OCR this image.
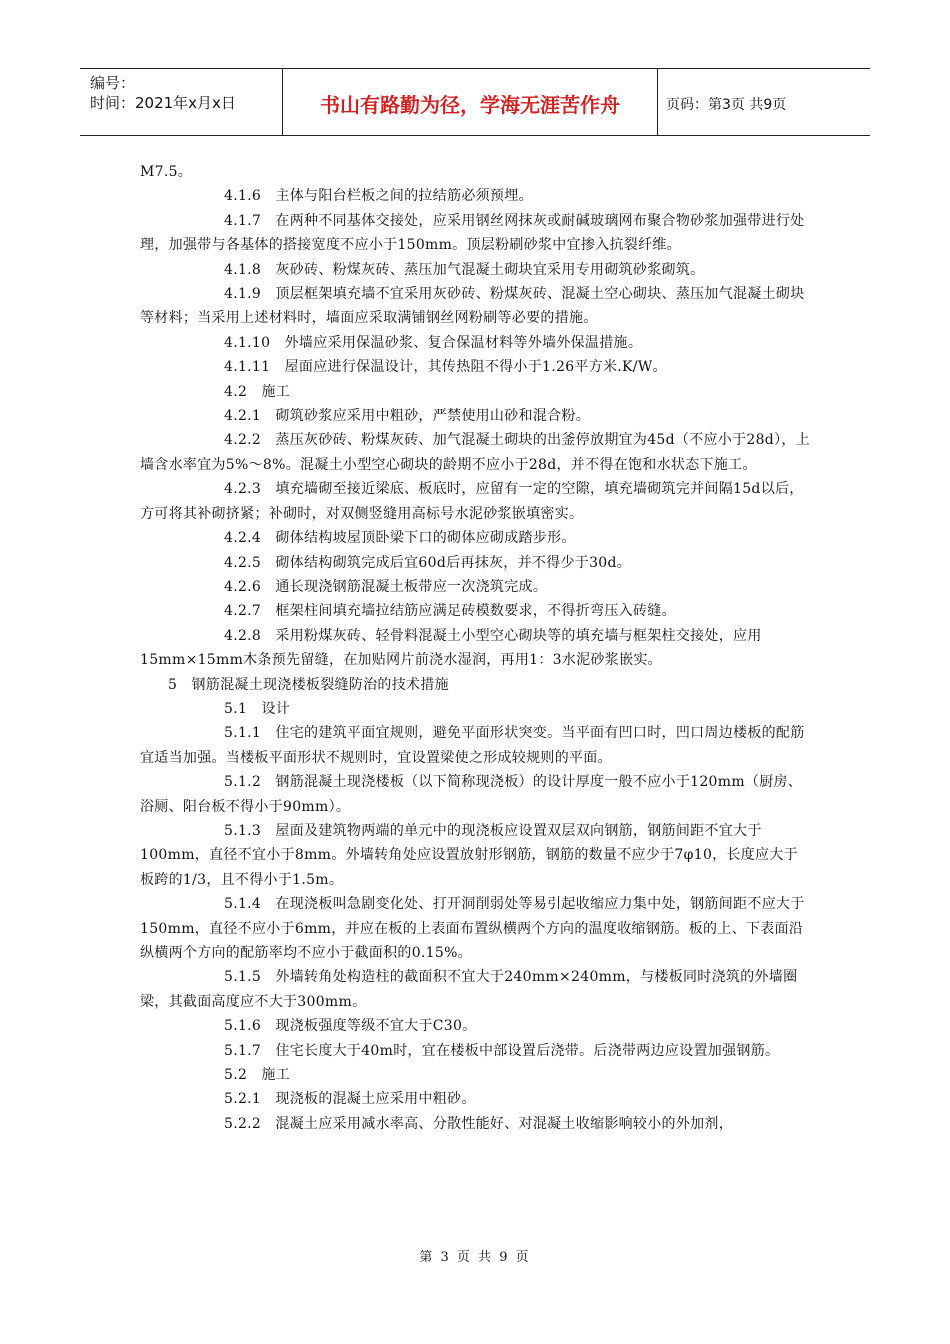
编号：
时间：2021年x月x日	书山有路勤为径，学海无涯苦作舟	页码：第3页 共9页

M7.5。

4.1.6　主体与阳台栏板之间的拉结筋必须预埋。

4.1.7　在两种不同基体交接处，应采用钢丝网抹灰或耐碱玻璃网布聚合物砂浆加强带进行处理，加强带与各基体的搭接宽度不应小于150mm。顶层粉刷砂浆中宜掺入抗裂纤维。

4.1.8　灰砂砖、粉煤灰砖、蒸压加气混凝土砌块宜采用专用砌筑砂浆砌筑。

4.1.9　顶层框架填充墙不宜采用灰砂砖、粉煤灰砖、混凝土空心砌块、蒸压加气混凝土砌块等材料；当采用上述材料时，墙面应采取满铺钢丝网粉刷等必要的措施。

4.1.10　外墙应采用保温砂浆、复合保温材料等外墙外保温措施。

4.1.11　屋面应进行保温设计，其传热阻不得小于1.26平方米.K/W。

4.2　施工

4.2.1　砌筑砂浆应采用中粗砂，严禁使用山砂和混合粉。

4.2.2　蒸压灰砂砖、粉煤灰砖、加气混凝土砌块的出釜停放期宜为45d（不应小于28d），上墙含水率宜为5%～8%。混凝土小型空心砌块的龄期不应小于28d，并不得在饱和水状态下施工。

4.2.3　填充墙砌至接近梁底、板底时，应留有一定的空隙，填充墙砌筑完并间隔15d以后，方可将其补砌挤紧；补砌时，对双侧竖缝用高标号水泥砂浆嵌填密实。

4.2.4　砌体结构坡屋顶卧梁下口的砌体应砌成踏步形。

4.2.5　砌体结构砌筑完成后宜60d后再抹灰，并不得少于30d。

4.2.6　通长现浇钢筋混凝土板带应一次浇筑完成。

4.2.7　框架柱间填充墙拉结筋应满足砖模数要求，不得折弯压入砖缝。

4.2.8　采用粉煤灰砖、轻骨料混凝土小型空心砌块等的填充墙与框架柱交接处，应用15mm×15mm木条预先留缝，在加贴网片前浇水湿润，再用1：3水泥砂浆嵌实。

5　钢筋混凝土现浇楼板裂缝防治的技术措施

5.1　设计

5.1.1　住宅的建筑平面宜规则，避免平面形状突变。当平面有凹口时，凹口周边楼板的配筋宜适当加强。当楼板平面形状不规则时，宜设置梁使之形成较规则的平面。

5.1.2　钢筋混凝土现浇楼板（以下简称现浇板）的设计厚度一般不应小于120mm（厨房、浴厕、阳台板不得小于90mm）。

5.1.3　屋面及建筑物两端的单元中的现浇板应设置双层双向钢筋，钢筋间距不宜大于100mm，直径不宜小于8mm。外墙转角处应设置放射形钢筋，钢筋的数量不应少于7φ10，长度应大于板跨的1/3，且不得小于1.5m。

5.1.4　在现浇板叫急剧变化处、打开洞削弱处等易引起收缩应力集中处，钢筋间距不应大于150mm，直径不应小于6mm，并应在板的上表面布置纵横两个方向的温度收缩钢筋。板的上、下表面沿纵横两个方向的配筋率均不应小于截面积的0.15%。

5.1.5　外墙转角处构造柱的截面积不宜大于240mm×240mm，与楼板同时浇筑的外墙圈梁，其截面高度应不大于300mm。

5.1.6　现浇板强度等级不宜大于C30。

5.1.7　住宅长度大于40m时，宜在楼板中部设置后浇带。后浇带两边应设置加强钢筋。

5.2　施工

5.2.1　现浇板的混凝土应采用中粗砂。

5.2.2　混凝土应采用减水率高、分散性能好、对混凝土收缩影响较小的外加剂，

第 3 页 共 9 页
